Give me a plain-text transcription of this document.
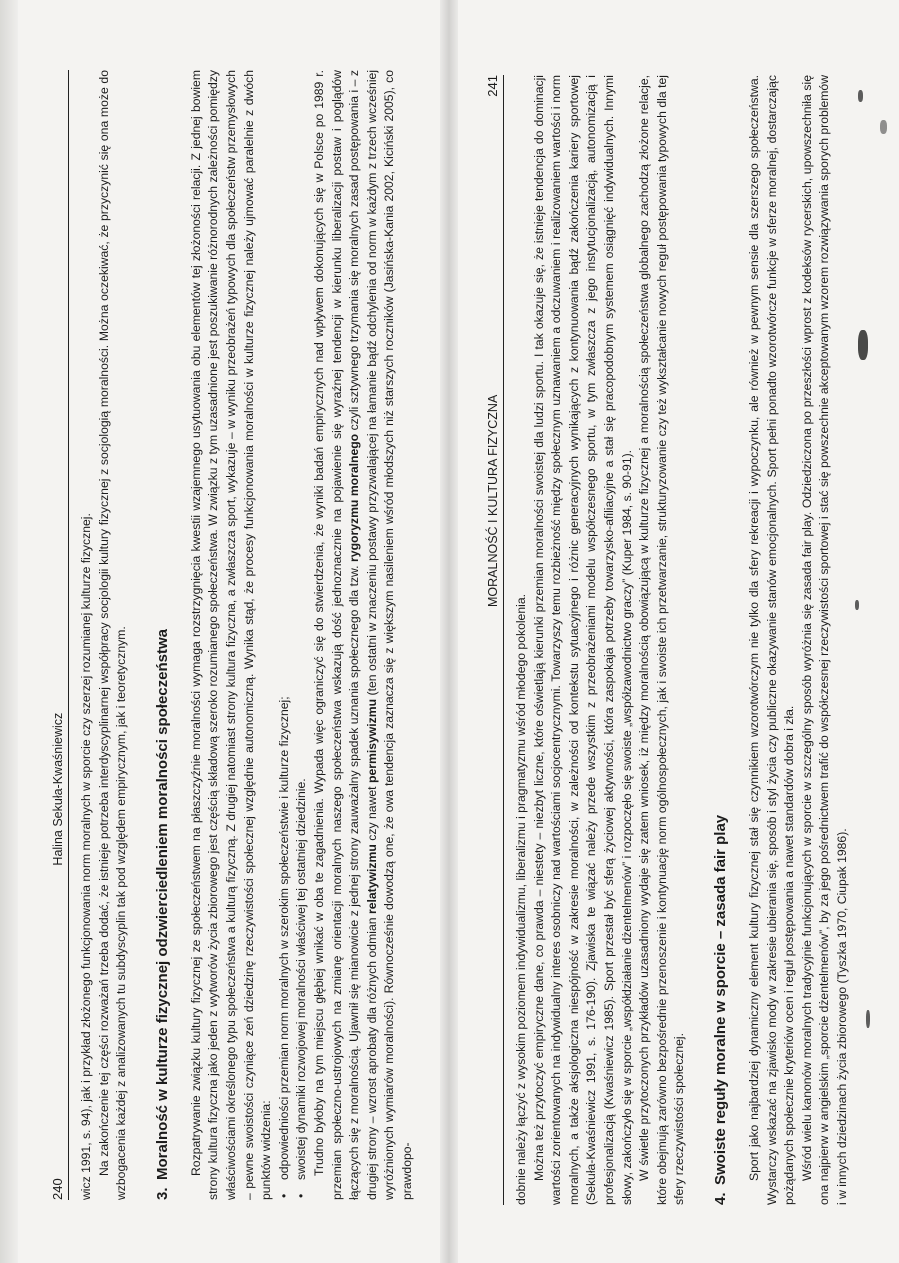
240
Halina Sekuła-Kwaśniewicz wicz 1991, s. 94), jak i przykład złożonego funkcjonowania norm moralnych w sporcie czy szerzej rozumianej kulturze fizycznej. Na zakończenie tej części rozważań trzeba dodać, że istnieje potrzeba interdyscyplinarnej współpracy socjologii kultury fizycznej z socjologią moralności. Można oczekiwać, że przyczynić się ona może do wzbogacenia każdej z analizowanych tu subdyscyplin tak pod względem empirycznym, jak i teoretycznym. 3.
Moralność w kulturze fizycznej odzwierciedleniem moralności społeczeństwa Rozpatrywanie związku kultury fizycznej ze społeczeństwem na płaszczyźnie moralności wymaga rozstrzygnięcia kwestii wzajemnego usytuowania obu elementów tej złożoności relacji. Z jednej bowiem strony kultura fizyczna jako jeden z wytworów życia zbiorowego jest częścią składową szeroko rozumianego społeczeństwa. W związku z tym uzasadnione jest poszukiwanie różnorodnych zależności pomiędzy właściwościami określonego typu społeczeństwa a kulturą fizyczną. Z drugiej natomiast strony kultura fizyczna, a zwłaszcza sport, wykazuje – w wyniku przeobrażeń typowych dla społeczeństw przemysłowych – pewne swoistości czyniące zeń dziedzinę rzeczywistości społecznej względnie autonomiczną. Wynika stąd, że procesy funkcjonowania moralności w kulturze fizycznej należy ujmować paralelnie z dwóch punktów widzenia: • odpowiedniości przemian norm moralnych w szerokim społeczeństwie i kulturze fizycznej; • swoistej dynamiki rozwojowej moralności właściwej tej ostatniej dziedzinie. Trudno byłoby na tym miejscu głębiej wnikać w oba te zagadnienia. Wypada więc ograniczyć się do stwierdzenia, że wyniki badań empirycznych nad wpływem dokonujących się w Polsce po 1989 r. przemian społeczno-ustrojowych na zmianę orientacji moralnych naszego społeczeństwa wskazują dość jednoznacznie na pojawienie się wyraźnej tendencji w kierunku liberalizacji postaw i poglądów łączących się z moralnością. Ujawnił się mianowicie z jednej strony zauważalny spadek uznania społecznego dla tzw. rygoryzmu moralnego czyli sztywnego trzymania się moralnych zasad postępowania i – z drugiej strony – wzrost aprobaty dla różnych odmian relatywizmu czy nawet permisywizmu (ten ostatni w znaczeniu postawy przyzwalającej na łamanie bądź odchylenia od norm w każdym z trzech wcześniej wyróżnionych wymiarów moralności). Równocześnie dowodzą one, że owa tendencja zaznacza się z większym nasileniem wśród młodszych niż starszych roczników (Jasińska-Kania 2002, Kiciński 2005), co prawdopo-

MORALNOŚĆ I KULTURA FIZYCZNA
241

dobnie należy łączyć z wysokim poziomem indywidualizmu, liberalizmu i pragmatyzmu wśród młodego pokolenia. Można też przytoczyć empiryczne dane, co prawda – niestety – niezbyt liczne, które oświetlają kierunki przemian moralności swoistej dla ludzi sportu. I tak okazuje się, że istnieje tendencja do dominacji wartości zorientowanych na indywidualny interes osobniczy nad wartościami socjocentrycznymi. Towarzyszy temu rozbieżność między społecznym uznawaniem a odczuwaniem i realizowaniem wartości i norm moralnych, a także aksjologiczna niespójność w zakresie moralności, w zależności od kontekstu sytuacyjnego i różnic generacyjnych wynikających z kontynuowania bądź zakończenia kariery sportowej (Sekuła-Kwaśniewicz 1991, s. 176-190). Zjawiska te wiązać należy przede wszystkim z przeobrażeniami modelu współczesnego sportu, w tym zwłaszcza z jego instytucjonalizacją, autonomizacją i profesjonalizacją (Kwaśniewicz 1985). Sport przestał być sferą życiowej aktywności, która zaspokaja potrzeby towarzysko-afiliacyjne a stał się pracopodobnym systemem osiągnięć indywidualnych. Innymi słowy, zakończyło się w sporcie „współdziałanie dżentelmenów” i rozpoczęło się swoiste „współzawodnictwo graczy” (Kuper 1984, s. 90-91). W świetle przytoczonych przykładów uzasadniony wydaje się zatem wniosek, iż między moralnością obowiązującą w kulturze fizycznej a moralnością społeczeństwa globalnego zachodzą złożone relacje, które obejmują zarówno bezpośrednie przenoszenie i kontynuację norm ogólnospołecznych, jak i swoiste ich przetwarzanie, strukturyzowanie czy też wykształcanie nowych reguł postępowania typowych dla tej sfery rzeczywistości społecznej. 4.
Swoiste reguły moralne w sporcie – zasada fair play Sport jako najbardziej dynamiczny element kultury fizycznej stał się czynnikiem wzorotwórczym nie tylko dla sfery rekreacji i wypoczynku, ale również w pewnym sensie dla szerszego społeczeństwa. Wystarczy wskazać na zjawisko mody w zakresie ubierania się, sposób i styl życia czy publiczne okazywanie stanów emocjonalnych. Sport pełni ponadto wzorotwórcze funkcje w sferze moralnej, dostarczając pożądanych społecznie kryteriów ocen i reguł postępowania a nawet standardów dobra i zła. Wśród wielu kanonów moralnych tradycyjnie funkcjonujących w sporcie w szczególny sposób wyróżnia się zasada fair play. Odziedziczona po przeszłości wprost z kodeksów rycerskich, upowszechniła się ona najpierw w angielskim „sporcie dżentelmenów”, by za jego pośrednictwem trafić do współczesnej rzeczywistości sportowej i stać się powszechnie akceptowanym wzorem rozwiązywania sporych problemów i w innych dziedzinach życia zbiorowego (Tyszka 1970, Ciupak 1986).
